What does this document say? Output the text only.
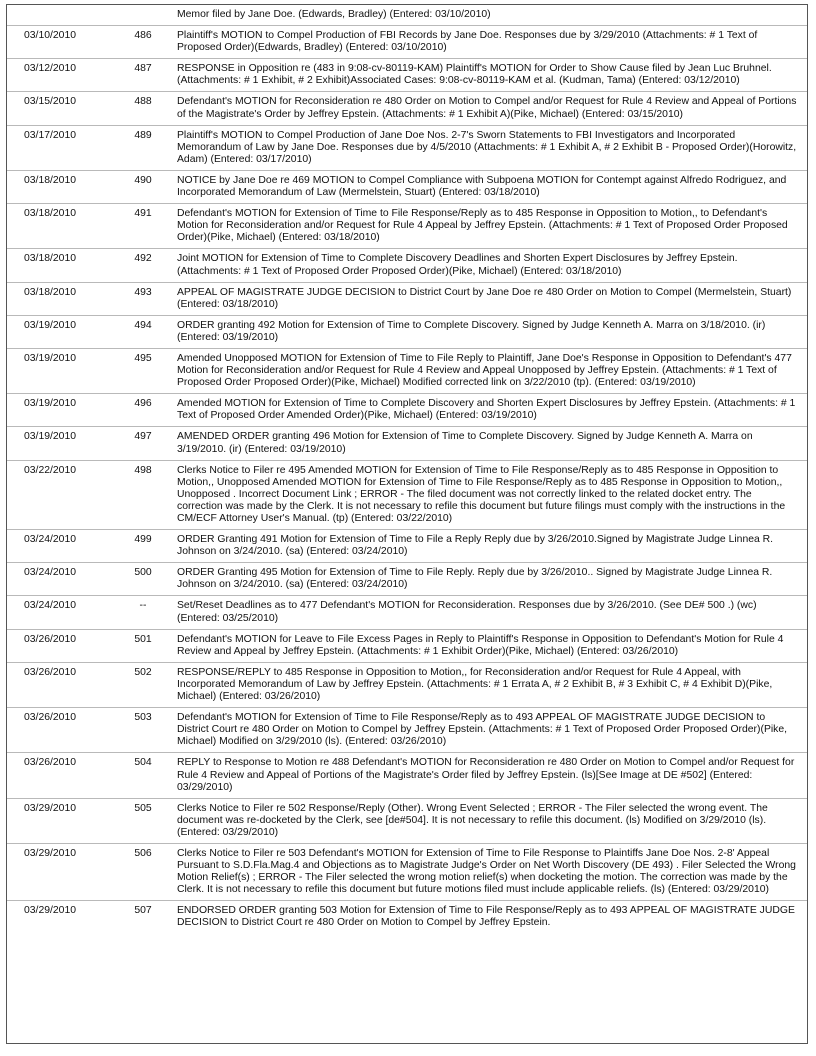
		Memor filed by Jane Doe. (Edwards, Bradley) (Entered: 03/10/2010)
03/10/2010	486	Plaintiff's MOTION to Compel Production of FBI Records by Jane Doe. Responses due by 3/29/2010 (Attachments: # 1 Text of Proposed Order)(Edwards, Bradley) (Entered: 03/10/2010)
03/12/2010	487	RESPONSE in Opposition re (483 in 9:08-cv-80119-KAM) Plaintiff's MOTION for Order to Show Cause filed by Jean Luc Bruhnel. (Attachments: # 1 Exhibit, # 2 Exhibit)Associated Cases: 9:08-cv-80119-KAM et al. (Kudman, Tama) (Entered: 03/12/2010)
03/15/2010	488	Defendant's MOTION for Reconsideration re 480 Order on Motion to Compel and/or Request for Rule 4 Review and Appeal of Portions of the Magistrate's Order by Jeffrey Epstein. (Attachments: # 1 Exhibit A)(Pike, Michael) (Entered: 03/15/2010)
03/17/2010	489	Plaintiff's MOTION to Compel Production of Jane Doe Nos. 2-7's Sworn Statements to FBI Investigators and Incorporated Memorandum of Law by Jane Doe. Responses due by 4/5/2010 (Attachments: # 1 Exhibit A, # 2 Exhibit B - Proposed Order)(Horowitz, Adam) (Entered: 03/17/2010)
03/18/2010	490	NOTICE by Jane Doe re 469 MOTION to Compel Compliance with Subpoena MOTION for Contempt against Alfredo Rodriguez, and Incorporated Memorandum of Law (Mermelstein, Stuart) (Entered: 03/18/2010)
03/18/2010	491	Defendant's MOTION for Extension of Time to File Response/Reply as to 485 Response in Opposition to Motion,, to Defendant's Motion for Reconsideration and/or Request for Rule 4 Appeal by Jeffrey Epstein. (Attachments: # 1 Text of Proposed Order Proposed Order)(Pike, Michael) (Entered: 03/18/2010)
03/18/2010	492	Joint MOTION for Extension of Time to Complete Discovery Deadlines and Shorten Expert Disclosures by Jeffrey Epstein. (Attachments: # 1 Text of Proposed Order Proposed Order)(Pike, Michael) (Entered: 03/18/2010)
03/18/2010	493	APPEAL OF MAGISTRATE JUDGE DECISION to District Court by Jane Doe re 480 Order on Motion to Compel (Mermelstein, Stuart) (Entered: 03/18/2010)
03/19/2010	494	ORDER granting 492 Motion for Extension of Time to Complete Discovery. Signed by Judge Kenneth A. Marra on 3/18/2010. (ir) (Entered: 03/19/2010)
03/19/2010	495	Amended Unopposed MOTION for Extension of Time to File Reply to Plaintiff, Jane Doe's Response in Opposition to Defendant's 477 Motion for Reconsideration and/or Request for Rule 4 Review and Appeal Unopposed by Jeffrey Epstein. (Attachments: # 1 Text of Proposed Order Proposed Order)(Pike, Michael) Modified corrected link on 3/22/2010 (tp). (Entered: 03/19/2010)
03/19/2010	496	Amended MOTION for Extension of Time to Complete Discovery and Shorten Expert Disclosures by Jeffrey Epstein. (Attachments: # 1 Text of Proposed Order Amended Order)(Pike, Michael) (Entered: 03/19/2010)
03/19/2010	497	AMENDED ORDER granting 496 Motion for Extension of Time to Complete Discovery. Signed by Judge Kenneth A. Marra on 3/19/2010. (ir) (Entered: 03/19/2010)
03/22/2010	498	Clerks Notice to Filer re 495 Amended MOTION for Extension of Time to File Response/Reply as to 485 Response in Opposition to Motion,, Unopposed Amended MOTION for Extension of Time to File Response/Reply as to 485 Response in Opposition to Motion,, Unopposed . Incorrect Document Link ; ERROR - The filed document was not correctly linked to the related docket entry. The correction was made by the Clerk. It is not necessary to refile this document but future filings must comply with the instructions in the CM/ECF Attorney User's Manual. (tp) (Entered: 03/22/2010)
03/24/2010	499	ORDER Granting 491 Motion for Extension of Time to File a Reply Reply due by 3/26/2010.Signed by Magistrate Judge Linnea R. Johnson on 3/24/2010. (sa) (Entered: 03/24/2010)
03/24/2010	500	ORDER Granting 495 Motion for Extension of Time to File Reply. Reply due by 3/26/2010.. Signed by Magistrate Judge Linnea R. Johnson on 3/24/2010. (sa) (Entered: 03/24/2010)
03/24/2010	--	Set/Reset Deadlines as to 477 Defendant's MOTION for Reconsideration. Responses due by 3/26/2010. (See DE# 500 .) (wc) (Entered: 03/25/2010)
03/26/2010	501	Defendant's MOTION for Leave to File Excess Pages in Reply to Plaintiff's Response in Opposition to Defendant's Motion for Rule 4 Review and Appeal by Jeffrey Epstein. (Attachments: # 1 Exhibit Order)(Pike, Michael) (Entered: 03/26/2010)
03/26/2010	502	RESPONSE/REPLY to 485 Response in Opposition to Motion,, for Reconsideration and/or Request for Rule 4 Appeal, with Incorporated Memorandum of Law by Jeffrey Epstein. (Attachments: # 1 Errata A, # 2 Exhibit B, # 3 Exhibit C, # 4 Exhibit D)(Pike, Michael) (Entered: 03/26/2010)
03/26/2010	503	Defendant's MOTION for Extension of Time to File Response/Reply as to 493 APPEAL OF MAGISTRATE JUDGE DECISION to District Court re 480 Order on Motion to Compel by Jeffrey Epstein. (Attachments: # 1 Text of Proposed Order Proposed Order)(Pike, Michael) Modified on 3/29/2010 (ls). (Entered: 03/26/2010)
03/26/2010	504	REPLY to Response to Motion re 488 Defendant's MOTION for Reconsideration re 480 Order on Motion to Compel and/or Request for Rule 4 Review and Appeal of Portions of the Magistrate's Order filed by Jeffrey Epstein. (ls)[See Image at DE #502] (Entered: 03/29/2010)
03/29/2010	505	Clerks Notice to Filer re 502 Response/Reply (Other). Wrong Event Selected ; ERROR - The Filer selected the wrong event. The document was re-docketed by the Clerk, see [de#504]. It is not necessary to refile this document. (ls) Modified on 3/29/2010 (ls). (Entered: 03/29/2010)
03/29/2010	506	Clerks Notice to Filer re 503 Defendant's MOTION for Extension of Time to File Response to Plaintiffs Jane Doe Nos. 2-8' Appeal Pursuant to S.D.Fla.Mag.4 and Objections as to Magistrate Judge's Order on Net Worth Discovery (DE 493) . Filer Selected the Wrong Motion Relief(s) ; ERROR - The Filer selected the wrong motion relief(s) when docketing the motion. The correction was made by the Clerk. It is not necessary to refile this document but future motions filed must include applicable reliefs. (ls) (Entered: 03/29/2010)
03/29/2010	507	ENDORSED ORDER granting 503 Motion for Extension of Time to File Response/Reply as to 493 APPEAL OF MAGISTRATE JUDGE DECISION to District Court re 480 Order on Motion to Compel by Jeffrey Epstein.
